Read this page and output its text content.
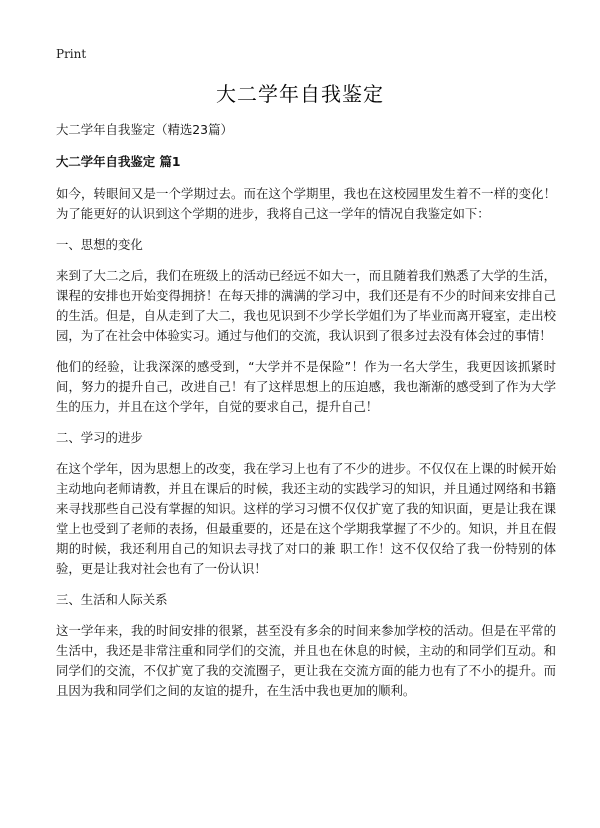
Print
大二学年自我鉴定

大二学年自我鉴定（精选23篇）

大二学年自我鉴定 篇1

如今，转眼间又是一个学期过去。而在这个学期里，我也在这校园里发生着不一样的变化！为了能更好的认识到这个学期的进步，我将自己这一学年的情况自我鉴定如下：

一、思想的变化

来到了大二之后，我们在班级上的活动已经远不如大一，而且随着我们熟悉了大学的生活，课程的安排也开始变得拥挤！在每天排的满满的学习中，我们还是有不少的时间来安排自己的生活。但是，自从走到了大二，我也见识到不少学长学姐们为了毕业而离开寝室，走出校园，为了在社会中体验实习。通过与他们的交流，我认识到了很多过去没有体会过的事情！

他们的经验，让我深深的感受到，“大学并不是保险”！作为一名大学生，我更因该抓紧时间，努力的提升自己，改进自己！有了这样思想上的压迫感，我也渐渐的感受到了作为大学生的压力，并且在这个学年，自觉的要求自己，提升自己！

二、学习的进步

在这个学年，因为思想上的改变，我在学习上也有了不少的进步。不仅仅在上课的时候开始主动地向老师请教，并且在课后的时候，我还主动的实践学习的知识，并且通过网络和书籍来寻找那些自己没有掌握的知识。这样的学习习惯不仅仅扩宽了我的知识面，更是让我在课堂上也受到了老师的表扬，但最重要的，还是在这个学期我掌握了不少的。知识，并且在假期的时候，我还利用自己的知识去寻找了对口的兼 职工作！这不仅仅给了我一份特别的体验，更是让我对社会也有了一份认识！

三、生活和人际关系

这一学年来，我的时间安排的很紧，甚至没有多余的时间来参加学校的活动。但是在平常的生活中，我还是非常注重和同学们的交流，并且也在休息的时候，主动的和同学们互动。和同学们的交流，不仅扩宽了我的交流圈子，更让我在交流方面的能力也有了不小的提升。而且因为我和同学们之间的友谊的提升，在生活中我也更加的顺利。
